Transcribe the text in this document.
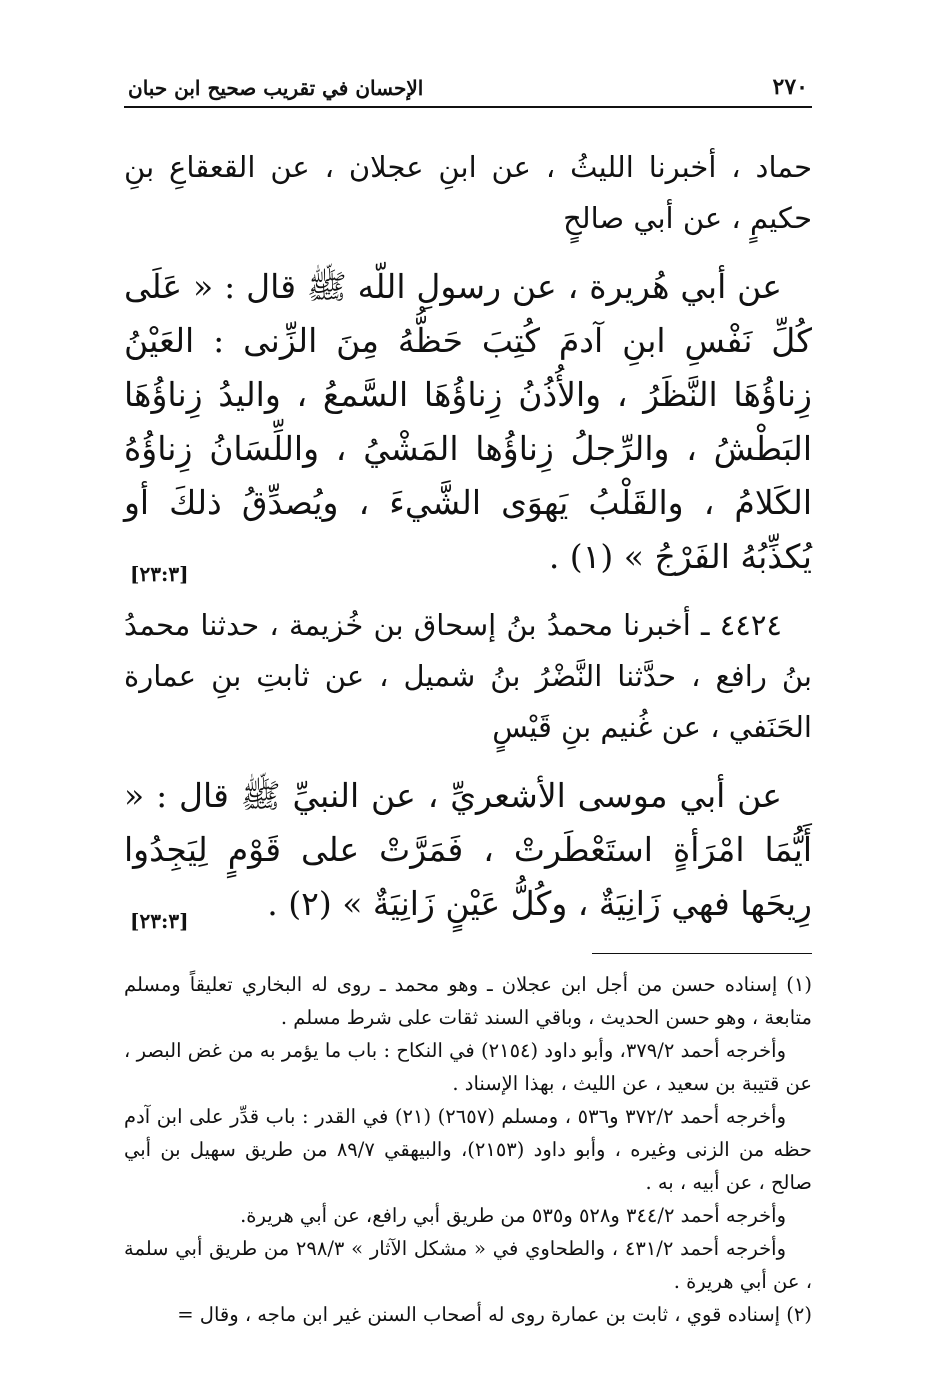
٢٧٠
الإحسان في تقريب صحيح ابن حبان

حماد ، أخبرنا الليثُ ، عن ابنِ عجلان ، عن القعقاعِ بنِ حكيمٍ ، عن أبي صالحٍ

عن أبي هُريرة ، عن رسولِ اللّه ﷺ قال : « عَلَى كُلِّ نَفْسِ ابنِ آدمَ كُتِبَ حَظُّهُ مِنَ الزِّنى : العَيْنُ زِناؤُهَا النَّظَرُ ، والأُذُنُ زِناؤُهَا السَّمعُ ، واليدُ زِناؤُهَا البَطْشُ ، والرِّجلُ زِناؤُها المَشْيُ ، واللِّسَانُ زِناؤُهُ الكَلامُ ، والقَلْبُ يَهوَى الشَّيءَ ، ويُصدِّقُ ذلكَ أو يُكذِّبُهُ الفَرْجُ » (١) .

[٢٣:٣]

٤٤٢٤ ـ أخبرنا محمدُ بنُ إسحاق بن خُزيمة ، حدثنا محمدُ بنُ رافع ، حدَّثنا النَّضْرُ بنُ شميل ، عن ثابتِ بنِ عمارة الحَنَفي ، عن غُنيم بنِ قَيْسٍ

عن أبي موسى الأشعريِّ ، عن النبيِّ ﷺ قال : « أَيُّمَا امْرَأةٍ استَعْطَرتْ ، فَمَرَّتْ على قَوْمٍ لِيَجِدُوا رِيحَها فهي زَانِيَةٌ ، وكُلُّ عَيْنٍ زَانِيَةٌ » (٢) .

[٢٣:٣]

(١) إسناده حسن من أجل ابن عجلان ـ وهو محمد ـ روى له البخاري تعليقاً ومسلم متابعة ، وهو حسن الحديث ، وباقي السند ثقات على شرط مسلم .

وأخرجه أحمد ٣٧٩/٢، وأبو داود (٢١٥٤) في النكاح : باب ما يؤمر به من غض البصر ، عن قتيبة بن سعيد ، عن الليث ، بهذا الإسناد .

وأخرجه أحمد ٣٧٢/٢ و٥٣٦ ، ومسلم (٢٦٥٧) (٢١) في القدر : باب قدِّر على ابن آدم حظه من الزنى وغيره ، وأبو داود (٢١٥٣)، والبيهقي ٨٩/٧ من طريق سهيل بن أبي صالح ، عن أبيه ، به .

وأخرجه أحمد ٣٤٤/٢ و٥٢٨ و٥٣٥ من طريق أبي رافع، عن أبي هريرة.

وأخرجه أحمد ٤٣١/٢ ، والطحاوي في « مشكل الآثار » ٢٩٨/٣ من طريق أبي سلمة ، عن أبي هريرة .

(٢) إسناده قوي ، ثابت بن عمارة روى له أصحاب السنن غير ابن ماجه ، وقال =
